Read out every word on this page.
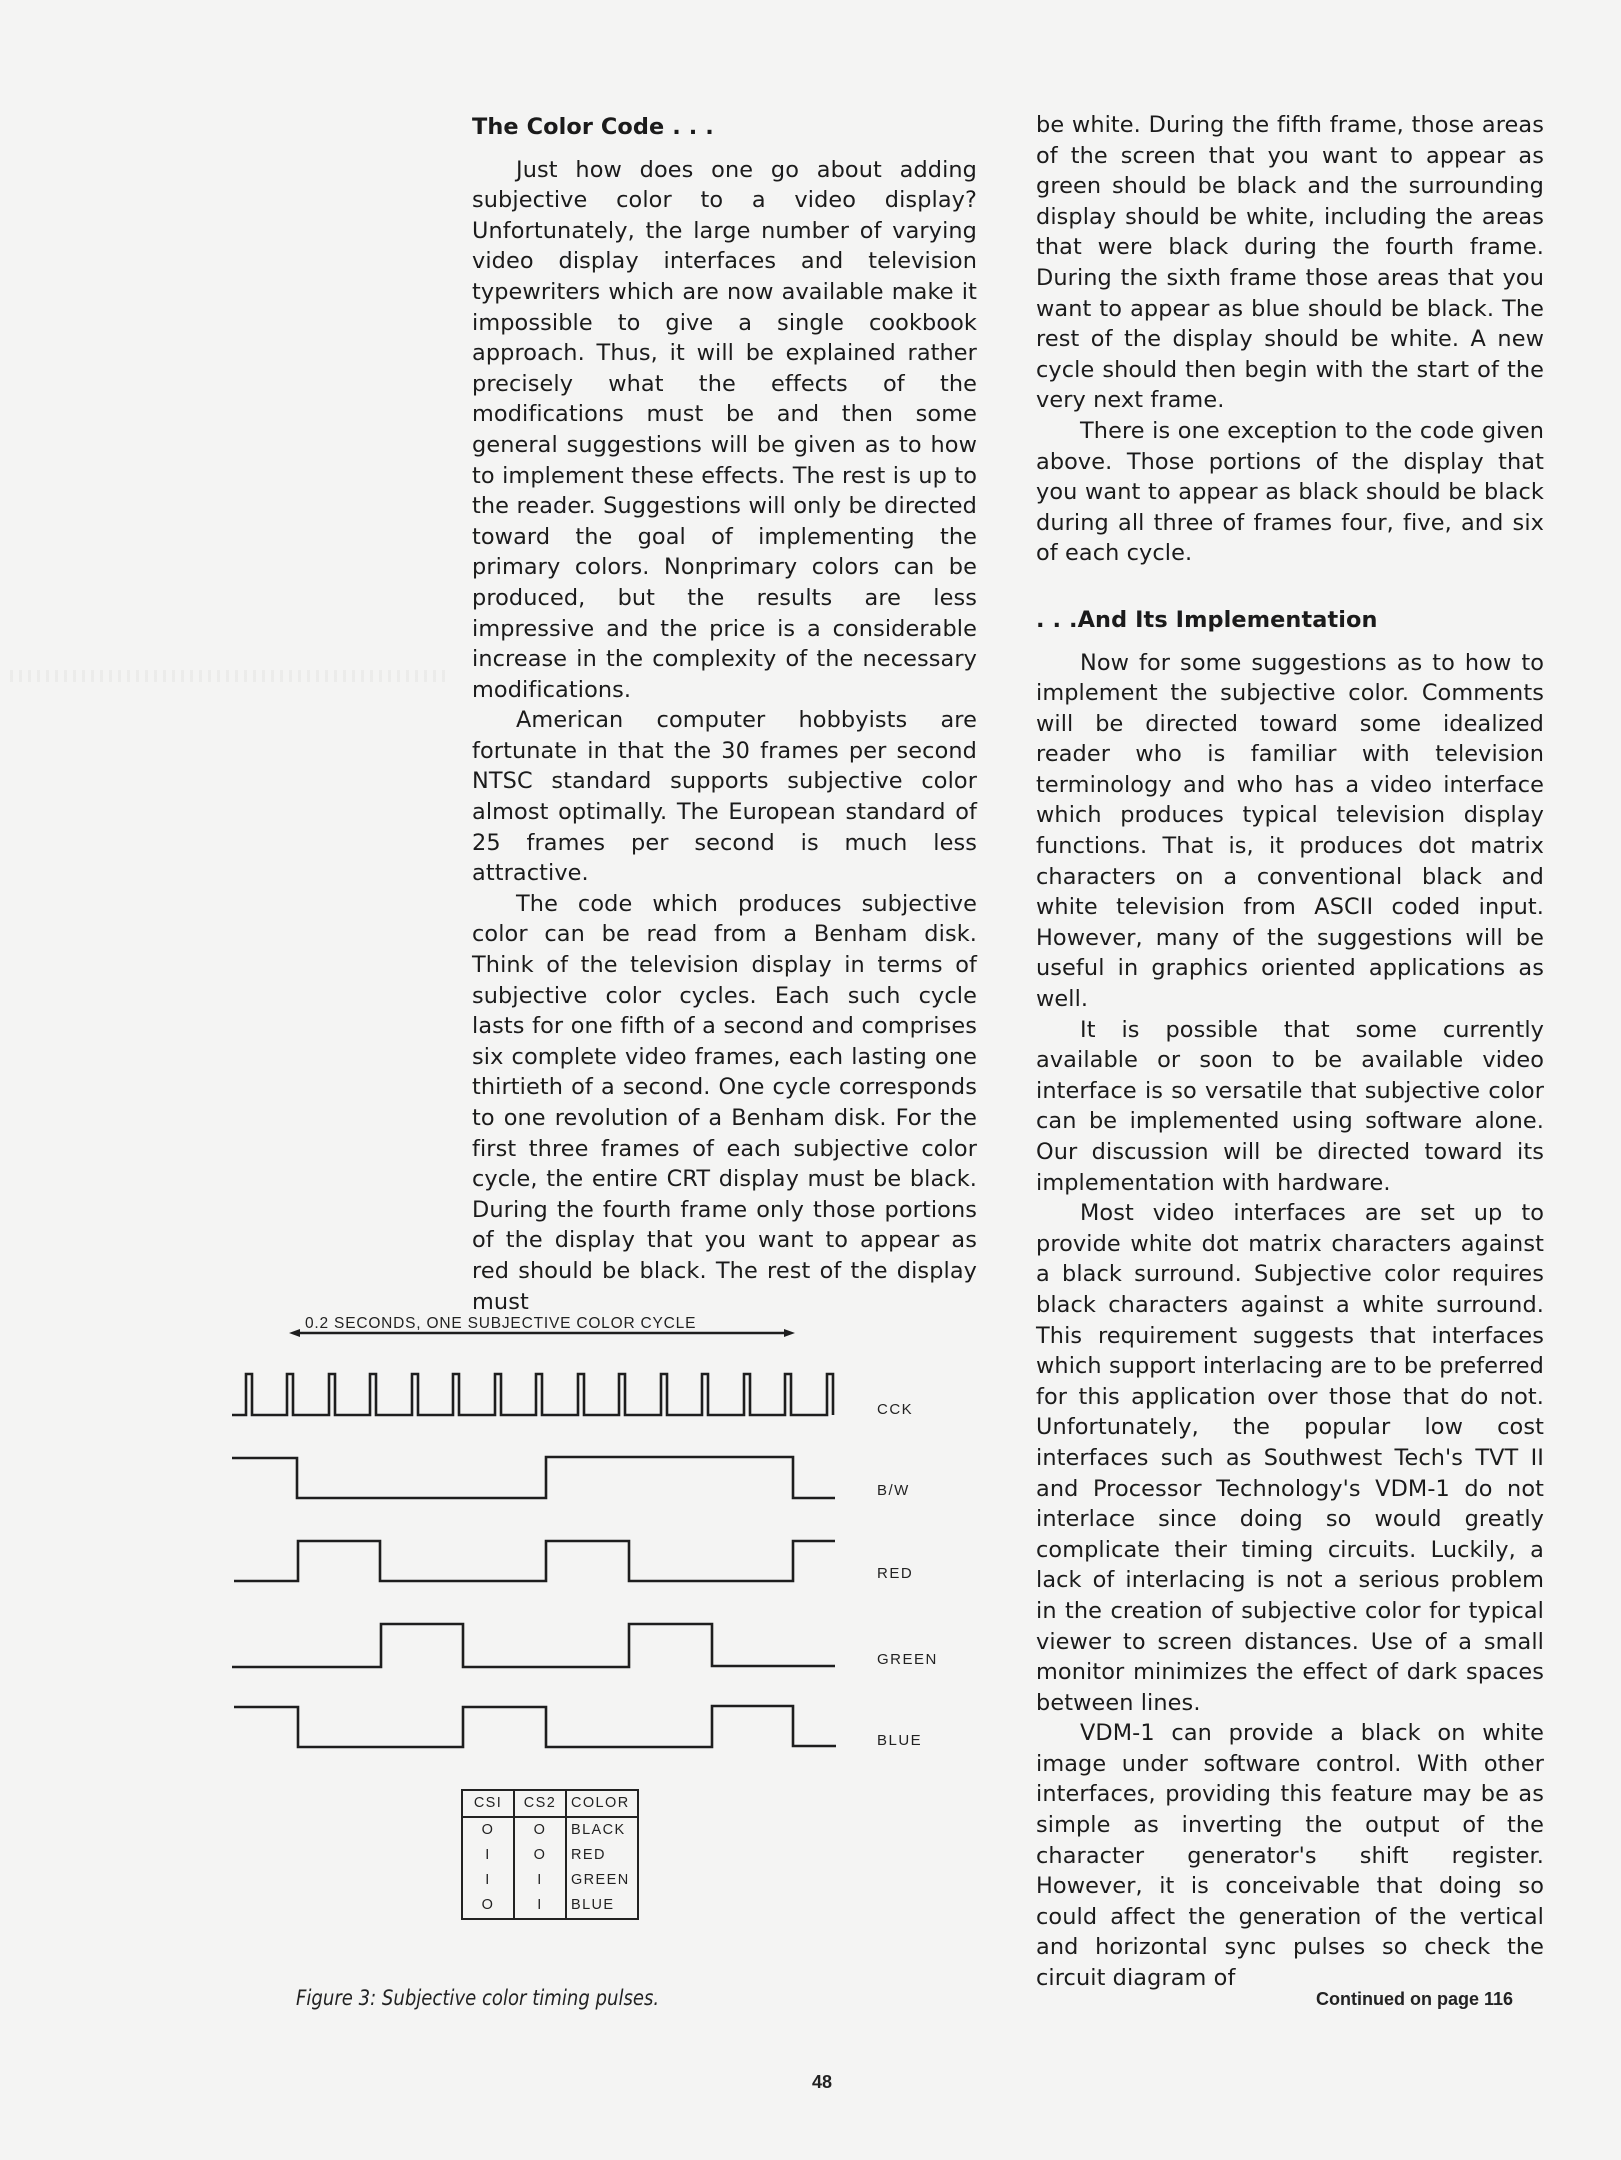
The Color Code . . .

Just how does one go about adding subjective color to a video display? Unfortunately, the large number of varying video display interfaces and television typewriters which are now available make it impossible to give a single cookbook approach. Thus, it will be explained rather precisely what the effects of the modifications must be and then some general suggestions will be given as to how to implement these effects. The rest is up to the reader. Suggestions will only be directed toward the goal of implementing the primary colors. Nonprimary colors can be produced, but the results are less impressive and the price is a considerable increase in the complexity of the necessary modifications.

American computer hobbyists are fortunate in that the 30 frames per second NTSC standard supports subjective color almost optimally. The European standard of 25 frames per second is much less attractive.

The code which produces subjective color can be read from a Benham disk. Think of the television display in terms of subjective color cycles. Each such cycle lasts for one fifth of a second and comprises six complete video frames, each lasting one thirtieth of a second. One cycle corresponds to one revolution of a Benham disk. For the first three frames of each subjective color cycle, the entire CRT display must be black. During the fourth frame only those portions of the display that you want to appear as red should be black. The rest of the display must

be white. During the fifth frame, those areas of the screen that you want to appear as green should be black and the surrounding display should be white, including the areas that were black during the fourth frame. During the sixth frame those areas that you want to appear as blue should be black. The rest of the display should be white. A new cycle should then begin with the start of the very next frame.

There is one exception to the code given above. Those portions of the display that you want to appear as black should be black during all three of frames four, five, and six of each cycle.

. . .And Its Implementation

Now for some suggestions as to how to implement the subjective color. Comments will be directed toward some idealized reader who is familiar with television terminology and who has a video interface which produces typical television display functions. That is, it produces dot matrix characters on a conventional black and white television from ASCII coded input. However, many of the suggestions will be useful in graphics oriented applications as well.

It is possible that some currently available or soon to be available video interface is so versatile that subjective color can be implemented using software alone. Our discussion will be directed toward its implementation with hardware.

Most video interfaces are set up to provide white dot matrix characters against a black surround. Subjective color requires black characters against a white surround. This requirement suggests that interfaces which support interlacing are to be preferred for this application over those that do not. Unfortunately, the popular low cost interfaces such as Southwest Tech's TVT II and Processor Technology's VDM-1 do not interlace since doing so would greatly complicate their timing circuits. Luckily, a lack of interlacing is not a serious problem in the creation of subjective color for typical viewer to screen distances. Use of a small monitor minimizes the effect of dark spaces between lines.

VDM-1 can provide a black on white image under software control. With other interfaces, providing this feature may be as simple as inverting the output of the character generator's shift register. However, it is conceivable that doing so could affect the generation of the vertical and horizontal sync pulses so check the circuit diagram of

0.2 SECONDS, ONE SUBJECTIVE COLOR CYCLE
CCK
B/W
RED
GREEN
BLUE
CSI	CS2	COLOR
O	O	BLACK
I	O	RED
I	I	GREEN
O	I	BLUE
Figure 3: Subjective color timing pulses.	Continued on page 116
48
